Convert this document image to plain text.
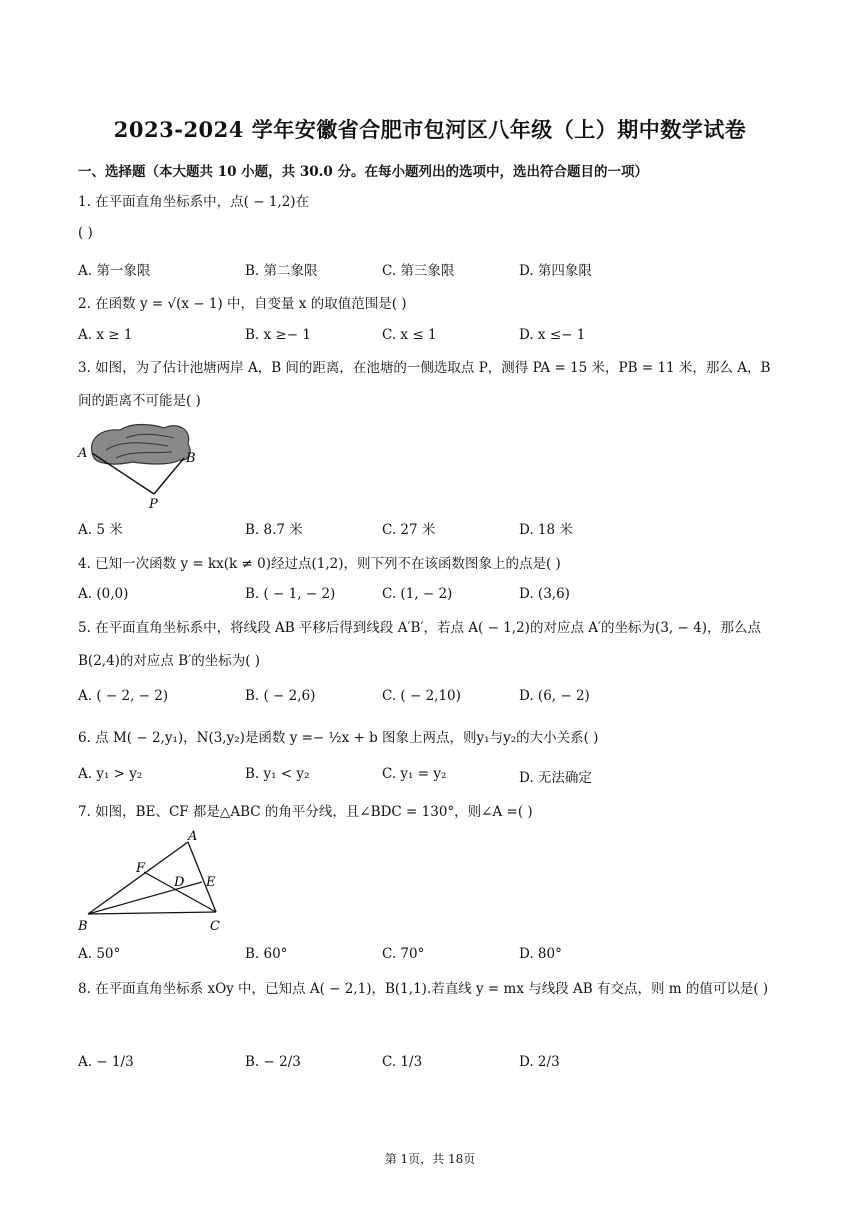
2023-2024 学年安徽省合肥市包河区八年级（上）期中数学试卷
一、选择题（本大题共 10 小题，共 30.0 分。在每小题列出的选项中，选出符合题目的一项）
1. 在平面直角坐标系中，点( − 1,2)在
( )
A. 第一象限	B. 第二象限	C. 第三象限	D. 第四象限
2. 在函数 y = √(x − 1) 中，自变量 x 的取值范围是( )
A. x ≥ 1	B. x ≥− 1	C. x ≤ 1	D. x ≤− 1
3. 如图，为了估计池塘两岸 A，B 间的距离，在池塘的一侧选取点 P，测得 PA = 15 米，PB = 11 米，那么 A，B 间的距离不可能是( )
A	B
P
A. 5 米	B. 8.7 米	C. 27 米	D. 18 米
4. 已知一次函数 y = kx(k ≠ 0)经过点(1,2)，则下列不在该函数图象上的点是( )
A. (0,0)	B. ( − 1, − 2)	C. (1, − 2)	D. (3,6)
5. 在平面直角坐标系中，将线段 AB 平移后得到线段 A′B′，若点 A( − 1,2)的对应点 A′的坐标为(3, − 4)，那么点 B(2,4)的对应点 B′的坐标为( )
A. ( − 2, − 2)	B. ( − 2,6)	C. ( − 2,10)	D. (6, − 2)
6. 点 M( − 2,y₁)，N(3,y₂)是函数 y =− ½x + b 图象上两点，则y₁与y₂的大小关系( )
A. y₁ > y₂	B. y₁ < y₂	C. y₁ = y₂	D. 无法确定
7. 如图，BE、CF 都是△ABC 的角平分线，且∠BDC = 130°，则∠A =( )
A
F
D E
B	C
A. 50°	B. 60°	C. 70°	D. 80°
8. 在平面直角坐标系 xOy 中，已知点 A( − 2,1)，B(1,1).若直线 y = mx 与线段 AB 有交点，则 m 的值可以是( )
A. − 1/3	B. − 2/3	C. 1/3	D. 2/3
第 1页，共 18页
